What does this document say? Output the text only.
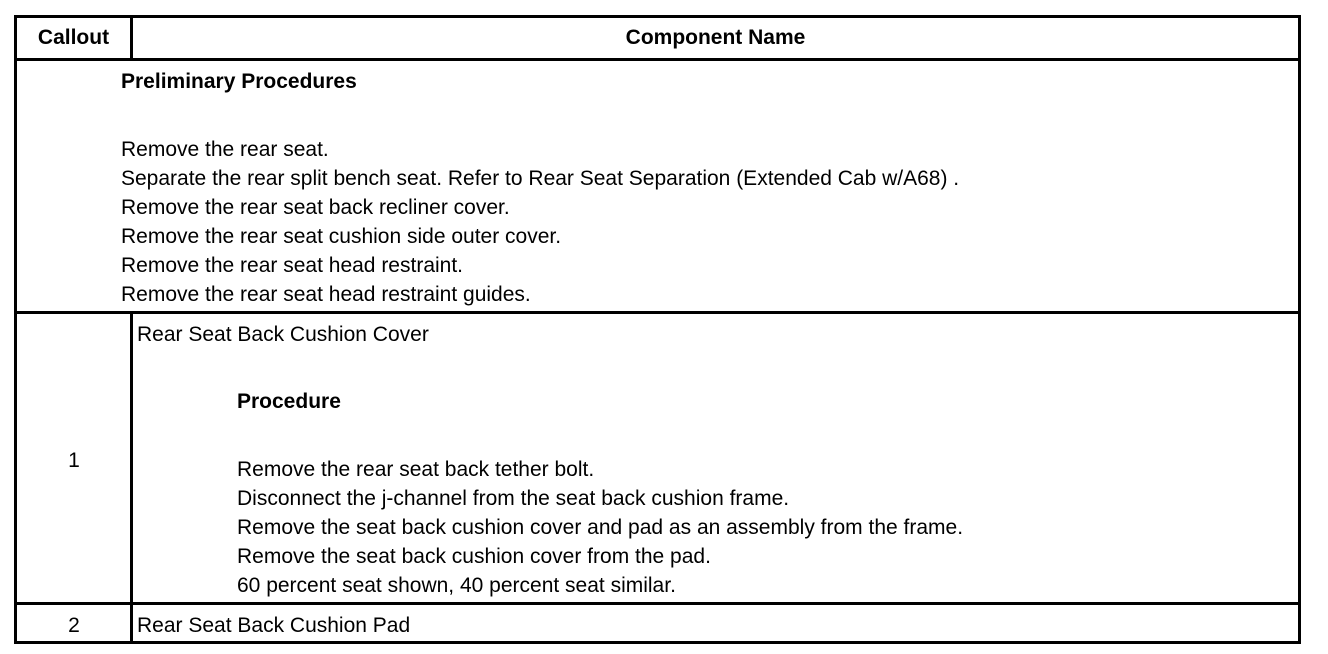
Callout	Component Name
Preliminary Procedures
Remove the rear seat.
Separate the rear split bench seat. Refer to Rear Seat Separation (Extended Cab w/A68) .
Remove the rear seat back recliner cover.
Remove the rear seat cushion side outer cover.
Remove the rear seat head restraint.
Remove the rear seat head restraint guides.
1
Rear Seat Back Cushion Cover
Procedure
Remove the rear seat back tether bolt.
Disconnect the j-channel from the seat back cushion frame.
Remove the seat back cushion cover and pad as an assembly from the frame.
Remove the seat back cushion cover from the pad.
60 percent seat shown, 40 percent seat similar.
2	Rear Seat Back Cushion Pad
